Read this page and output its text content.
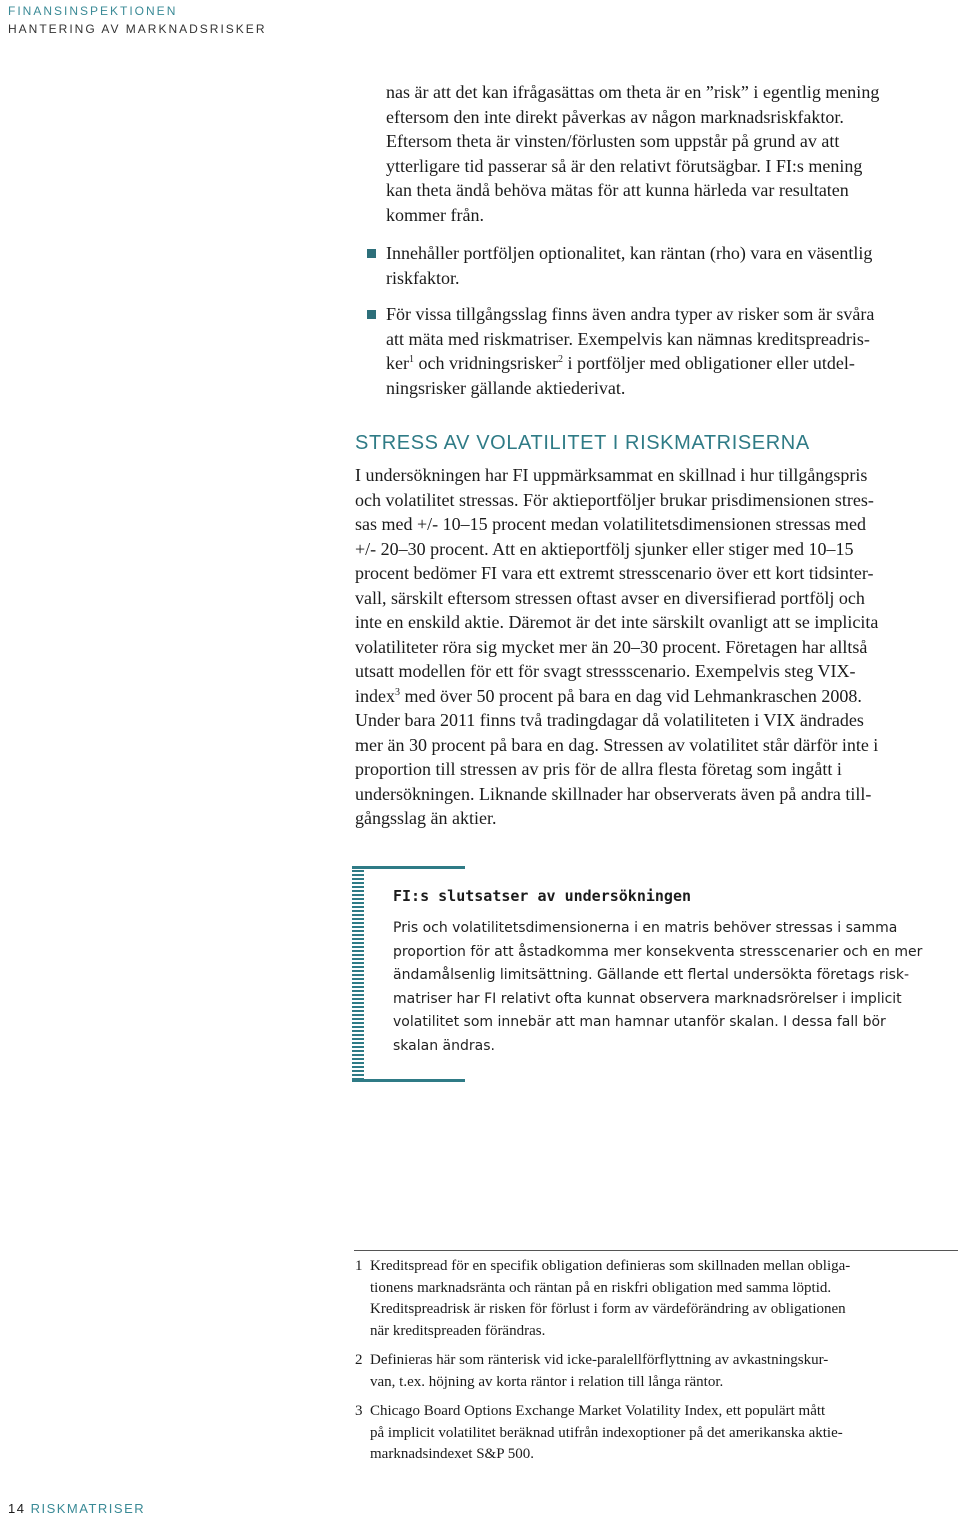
FINANSINSPEKTIONEN
HANTERING AV MARKNADSRISKER

nas är att det kan ifrågasättas om theta är en ”risk” i egentlig mening

eftersom den inte direkt påverkas av någon marknadsriskfaktor.

Eftersom theta är vinsten/förlusten som uppstår på grund av att

ytterligare tid passerar så är den relativt förutsägbar. I FI:s mening

kan theta ändå behöva mätas för att kunna härleda var resultaten

kommer från.

Innehåller portföljen optionalitet, kan räntan (rho) vara en väsentlig

riskfaktor.

För vissa tillgångsslag finns även andra typer av risker som är svåra

att mäta med riskmatriser. Exempelvis kan nämnas kreditspreadris-

ker$^1$ och vridningsrisker$^2$ i portföljer med obligationer eller utdel-

ningsrisker gällande aktiederivat.

STRESS AV VOLATILITET I RISKMATRISERNA

I undersökningen har FI uppmärksammat en skillnad i hur tillgångspris

och volatilitet stressas. För aktieportföljer brukar prisdimensionen stres-

sas med +/- 10–15 procent medan volatilitetsdimensionen stressas med

+/- 20–30 procent. Att en aktieportfölj sjunker eller stiger med 10–15

procent bedömer FI vara ett extremt stresscenario över ett kort tidsinter-

vall, särskilt eftersom stressen oftast avser en diversifierad portfölj och

inte en enskild aktie. Däremot är det inte särskilt ovanligt att se implicita

volatiliteter röra sig mycket mer än 20–30 procent. Företagen har alltså

utsatt modellen för ett för svagt stressscenario. Exempelvis steg VIX-

index$^3$ med över 50 procent på bara en dag vid Lehmankraschen 2008.

Under bara 2011 finns två tradingdagar då volatiliteten i VIX ändrades

mer än 30 procent på bara en dag. Stressen av volatilitet står därför inte i

proportion till stressen av pris för de allra flesta företag som ingått i

undersökningen. Liknande skillnader har observerats även på andra till-

gångsslag än aktier.

FI:s slutsatser av undersökningen

Pris och volatilitetsdimensionerna i en matris behöver stressas i samma

proportion för att åstadkomma mer konsekventa stresscenarier och en mer

ändamålsenlig limitsättning. Gällande ett flertal undersökta företags risk-

matriser har FI relativt ofta kunnat observera marknadsrörelser i implicit

volatilitet som innebär att man hamnar utanför skalan. I dessa fall bör

skalan ändras.

1 Kreditspread för en specifik obligation definieras som skillnaden mellan obliga-

tionens marknadsränta och räntan på en riskfri obligation med samma löptid.

Kreditspreadrisk är risken för förlust i form av värdeförändring av obligationen

när kreditspreaden förändras.

2 Definieras här som ränterisk vid icke-paralellförflyttning av avkastningskur-

van, t.ex. höjning av korta räntor i relation till långa räntor.

3 Chicago Board Options Exchange Market Volatility Index, ett populärt mått

på implicit volatilitet beräknad utifrån indexoptioner på det amerikanska aktie-

marknadsindexet S&P 500.

14 RISKMATRISER
